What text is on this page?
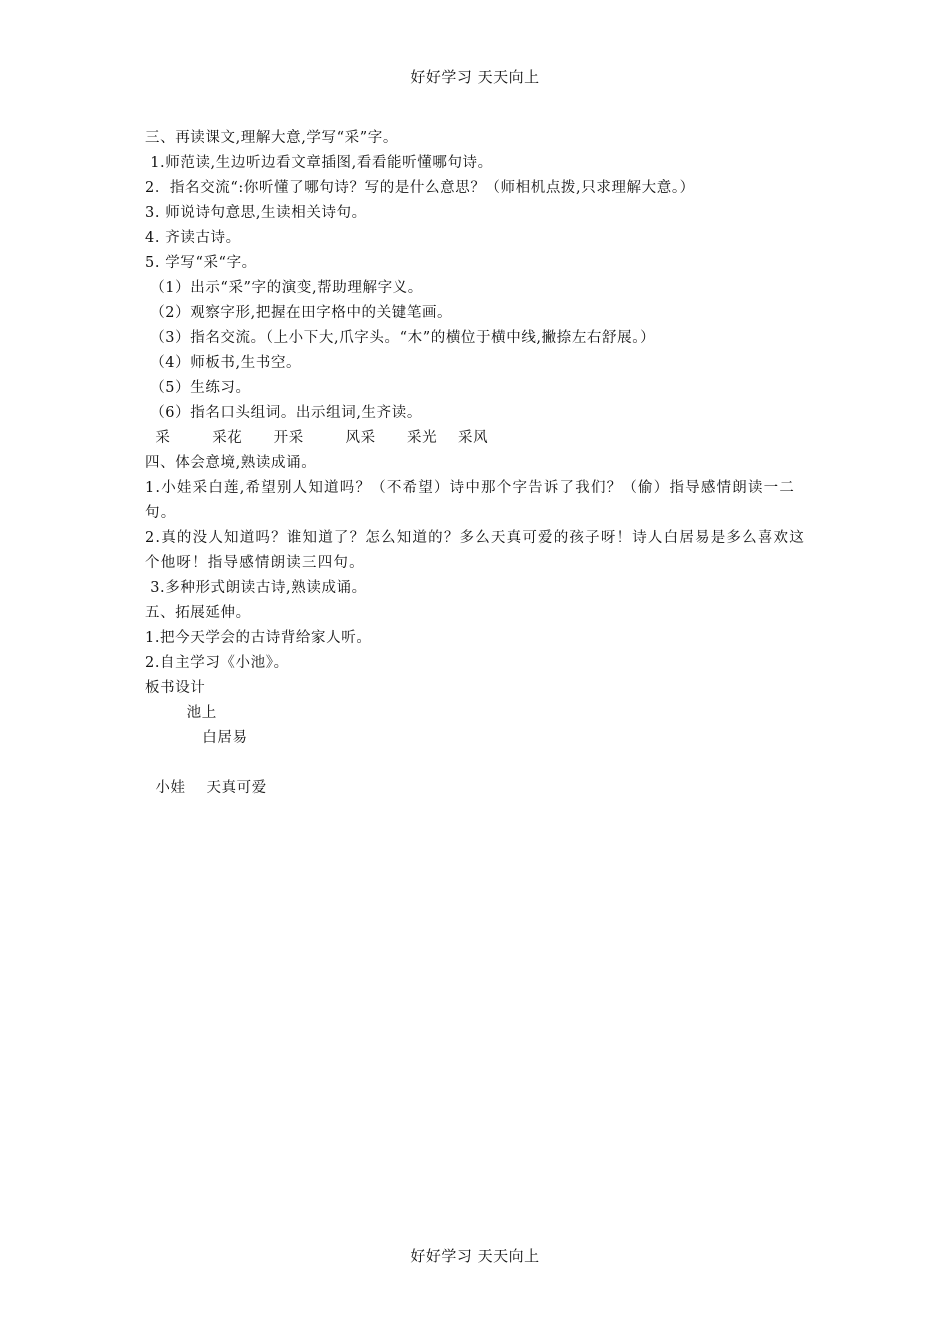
好好学习 天天向上
三、再读课文,理解大意,学写“采”字。
1.师范读,生边听边看文章插图,看看能听懂哪句诗。
2．指名交流“:你听懂了哪句诗？写的是什么意思？（师相机点拨,只求理解大意。）
3. 师说诗句意思,生读相关诗句。
4. 齐读古诗。
5. 学写“采“字。
（1）出示“采”字的演变,帮助理解字义。
（2）观察字形,把握在田字格中的关键笔画。
（3）指名交流。（上小下大,爪字头。“木”的横位于横中线,撇捺左右舒展。）
（4）师板书,生书空。
（5）生练习。
（6）指名口头组词。出示组词,生齐读。
采        采花      开采        风采      采光    采风
四、体会意境,熟读成诵。
1.小娃采白莲,希望别人知道吗？（不希望）诗中那个字告诉了我们？（偷）指导感情朗读一二句。
2.真的没人知道吗？谁知道了？怎么知道的？多么天真可爱的孩子呀！诗人白居易是多么喜欢这个他呀！指导感情朗读三四句。
3.多种形式朗读古诗,熟读成诵。
五、拓展延伸。
1.把今天学会的古诗背给家人听。
2.自主学习《小池》。
板书设计
池上
白居易
小娃    天真可爱
好好学习 天天向上
